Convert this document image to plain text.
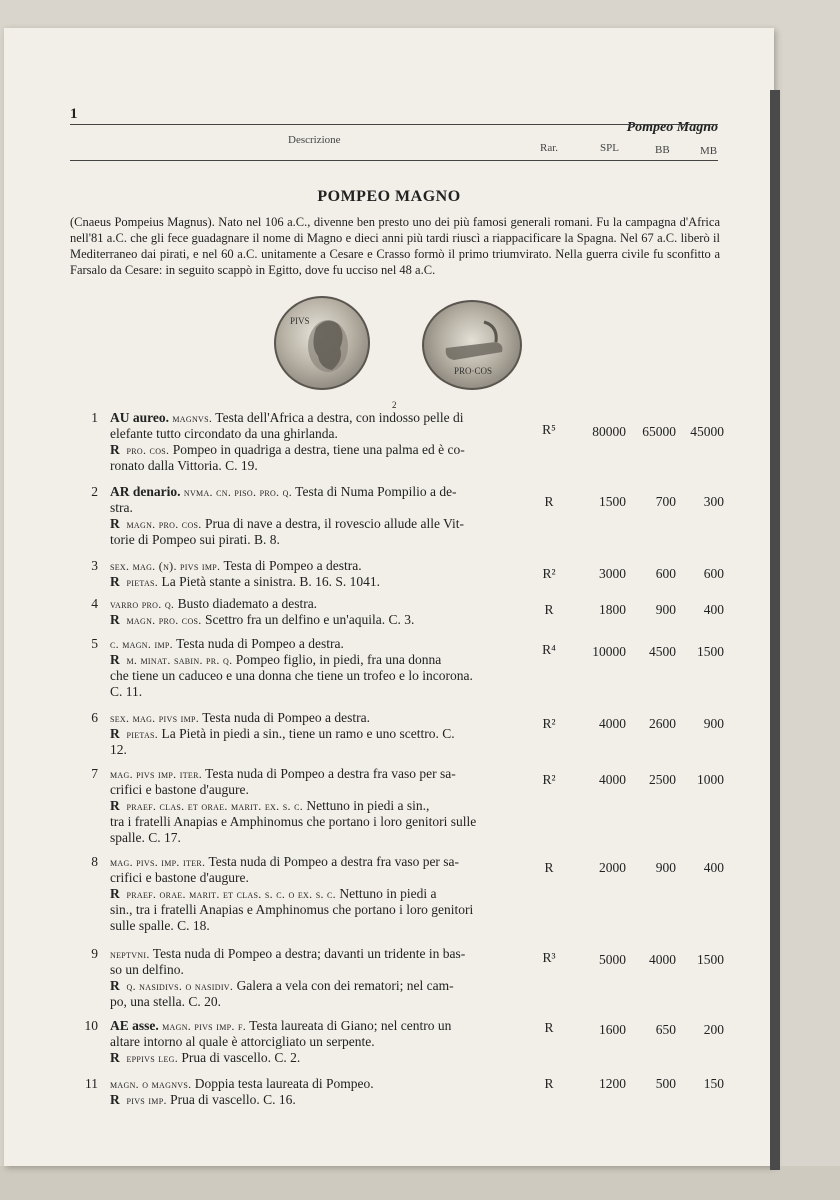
1
Pompeo Magno
Descrizione
Rar.	SPL	BB	MB
POMPEO MAGNO
(Cnaeus Pompeius Magnus). Nato nel 106 a.C., divenne ben presto uno dei più famosi generali romani. Fu la campagna d'Africa nell'81 a.C. che gli fece guadagnare il nome di Magno e dieci anni più tardi riuscì a riappacificare la Spagna. Nel 67 a.C. liberò il Mediterraneo dai pirati, e nel 60 a.C. unitamente a Cesare e Crasso formò il primo triumvirato. Nella guerra civile fu sconfitto a Farsalo da Cesare: in seguito scappò in Egitto, dove fu ucciso nel 48 a.C.
PIVS
PRO·COS
2
1 AU aureo. magnvs. Testa dell'Africa a destra, con indosso pelle di
elefante tutto circondato da una ghirlanda.
R pro. cos. Pompeo in quadriga a destra, tiene una palma ed è co-
ronato dalla Vittoria. C. 19.
R⁵	80000	65000	45000
2 AR denario. nvma. cn. piso. pro. q. Testa di Numa Pompilio a de-
stra.
R magn. pro. cos. Prua di nave a destra, il rovescio allude alle Vit-
torie di Pompeo sui pirati. B. 8.
R	1500	700	300
3 sex. mag. (n). pivs imp. Testa di Pompeo a destra.
R pietas. La Pietà stante a sinistra. B. 16. S. 1041.
R²	3000	600	600
4 varro pro. q. Busto diademato a destra.
R magn. pro. cos. Scettro fra un delfino e un'aquila. C. 3.
R	1800	900	400
5 c. magn. imp. Testa nuda di Pompeo a destra.
R m. minat. sabin. pr. q. Pompeo figlio, in piedi, fra una donna
che tiene un caduceo e una donna che tiene un trofeo e lo incorona.
C. 11.
R⁴	10000	4500	1500
6 sex. mag. pivs imp. Testa nuda di Pompeo a destra.
R pietas. La Pietà in piedi a sin., tiene un ramo e uno scettro. C.
12.
R²	4000	2600	900
7 mag. pivs imp. iter. Testa nuda di Pompeo a destra fra vaso per sa-
crifici e bastone d'augure.
R praef. clas. et orae. marit. ex. s. c. Nettuno in piedi a sin.,
tra i fratelli Anapias e Amphinomus che portano i loro genitori sulle
spalle. C. 17.
R²	4000	2500	1000
8 mag. pivs. imp. iter. Testa nuda di Pompeo a destra fra vaso per sa-
crifici e bastone d'augure.
R praef. orae. marit. et clas. s. c. o ex. s. c. Nettuno in piedi a
sin., tra i fratelli Anapias e Amphinomus che portano i loro genitori
sulle spalle. C. 18.
R	2000	900	400
9 neptvni. Testa nuda di Pompeo a destra; davanti un tridente in bas-
so un delfino.
R q. nasidivs. o nasidiv. Galera a vela con dei rematori; nel cam-
po, una stella. C. 20.
R³	5000	4000	1500
10 AE asse. magn. pivs imp. f. Testa laureata di Giano; nel centro un
altare intorno al quale è attorcigliato un serpente.
R eppivs leg. Prua di vascello. C. 2.
R	1600	650	200
11 magn. o magnvs. Doppia testa laureata di Pompeo.
R pivs imp. Prua di vascello. C. 16.
R	1200	500	150
